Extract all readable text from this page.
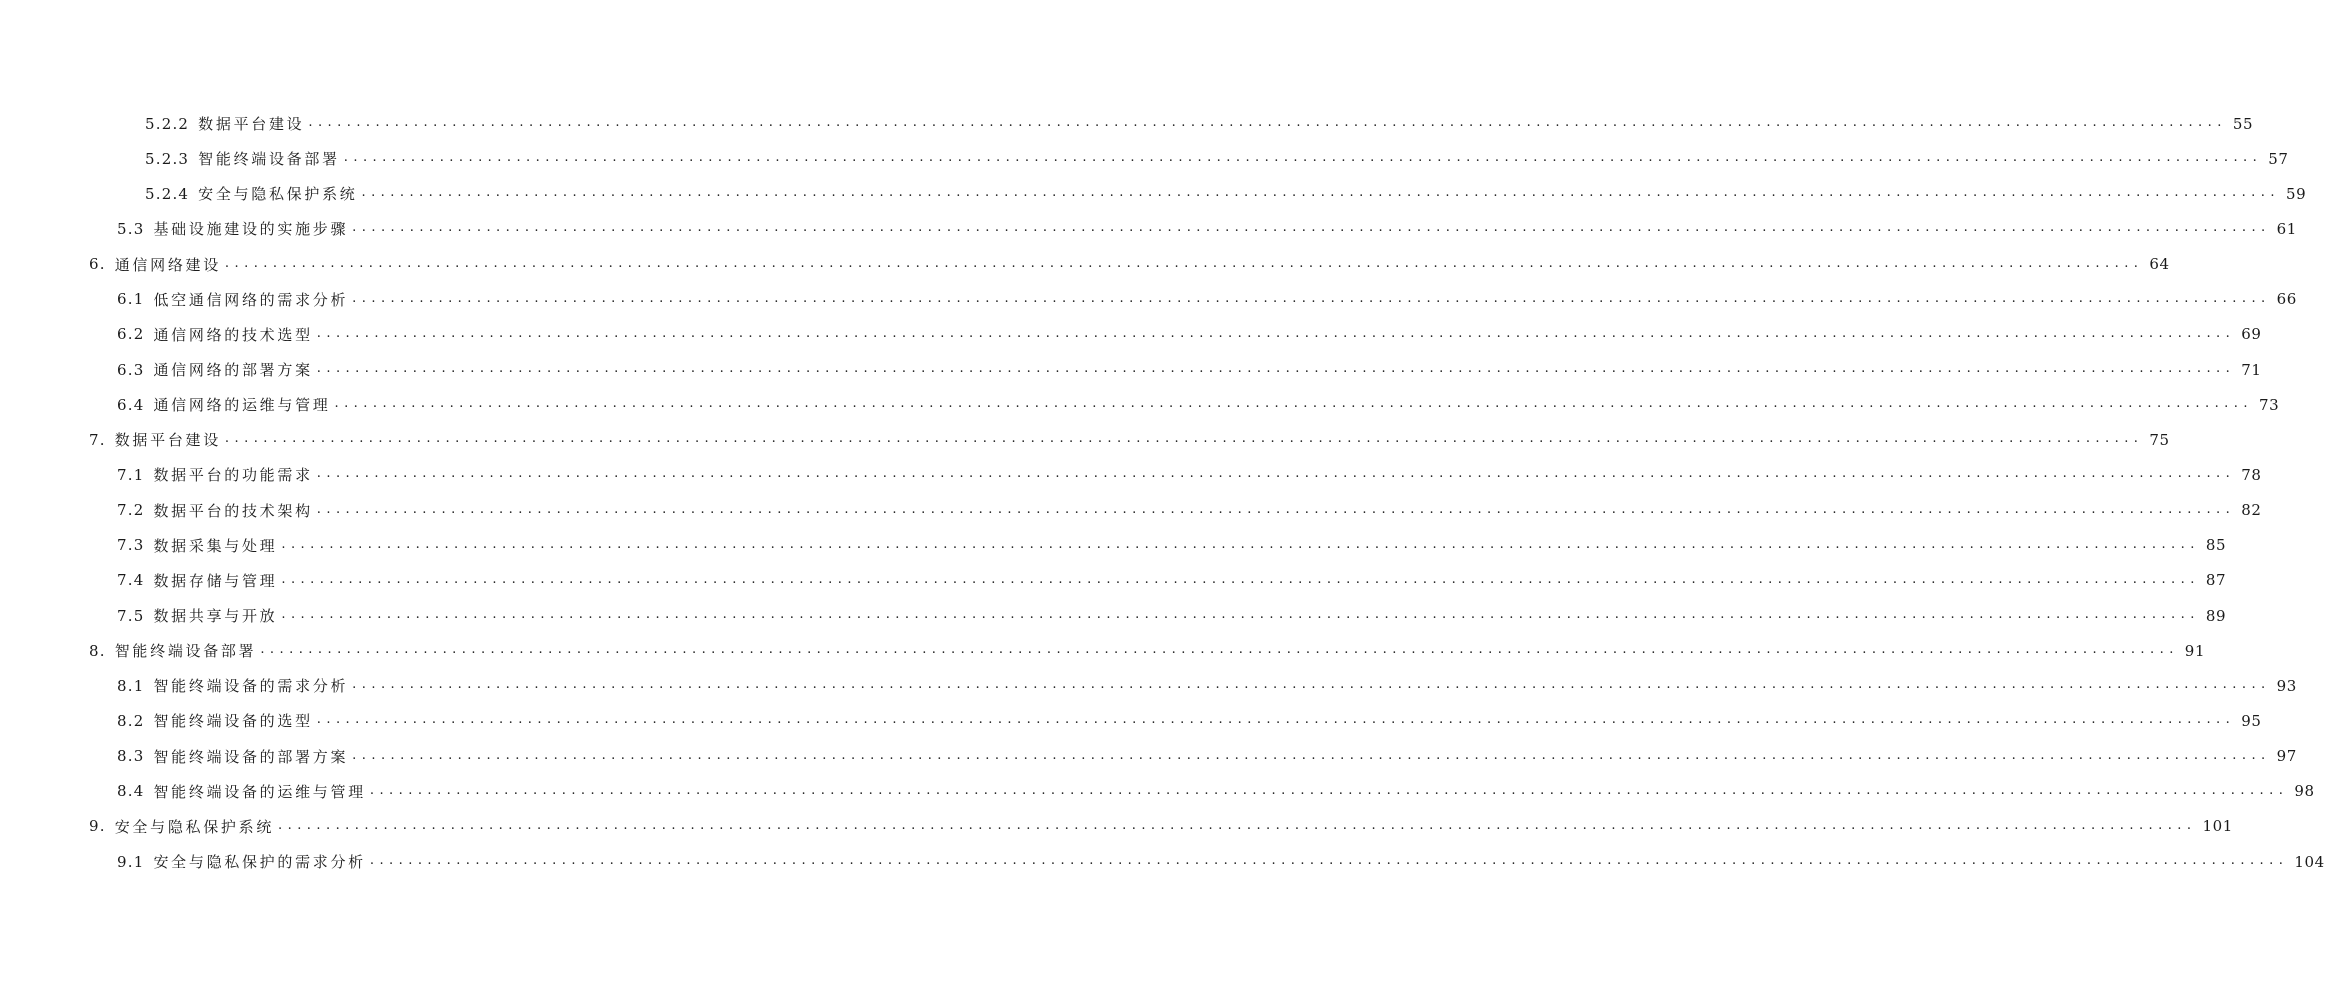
5.2.2 数据平台建设 ........................................................................................................................................................................................................ 55
5.2.3 智能终端设备部署 ........................................................................................................................................................................................................ 57
5.2.4 安全与隐私保护系统 ........................................................................................................................................................................................................ 59
5.3 基础设施建设的实施步骤 ........................................................................................................................................................................................................ 61
6. 通信网络建设 ........................................................................................................................................................................................................ 64
6.1 低空通信网络的需求分析 ........................................................................................................................................................................................................ 66
6.2 通信网络的技术选型 ........................................................................................................................................................................................................ 69
6.3 通信网络的部署方案 ........................................................................................................................................................................................................ 71
6.4 通信网络的运维与管理 ........................................................................................................................................................................................................ 73
7. 数据平台建设 ........................................................................................................................................................................................................ 75
7.1 数据平台的功能需求 ........................................................................................................................................................................................................ 78
7.2 数据平台的技术架构 ........................................................................................................................................................................................................ 82
7.3 数据采集与处理 ........................................................................................................................................................................................................ 85
7.4 数据存储与管理 ........................................................................................................................................................................................................ 87
7.5 数据共享与开放 ........................................................................................................................................................................................................ 89
8. 智能终端设备部署 ........................................................................................................................................................................................................ 91
8.1 智能终端设备的需求分析 ........................................................................................................................................................................................................ 93
8.2 智能终端设备的选型 ........................................................................................................................................................................................................ 95
8.3 智能终端设备的部署方案 ........................................................................................................................................................................................................ 97
8.4 智能终端设备的运维与管理 ........................................................................................................................................................................................................ 98
9. 安全与隐私保护系统 ........................................................................................................................................................................................................ 101
9.1 安全与隐私保护的需求分析 ........................................................................................................................................................................................................ 104
